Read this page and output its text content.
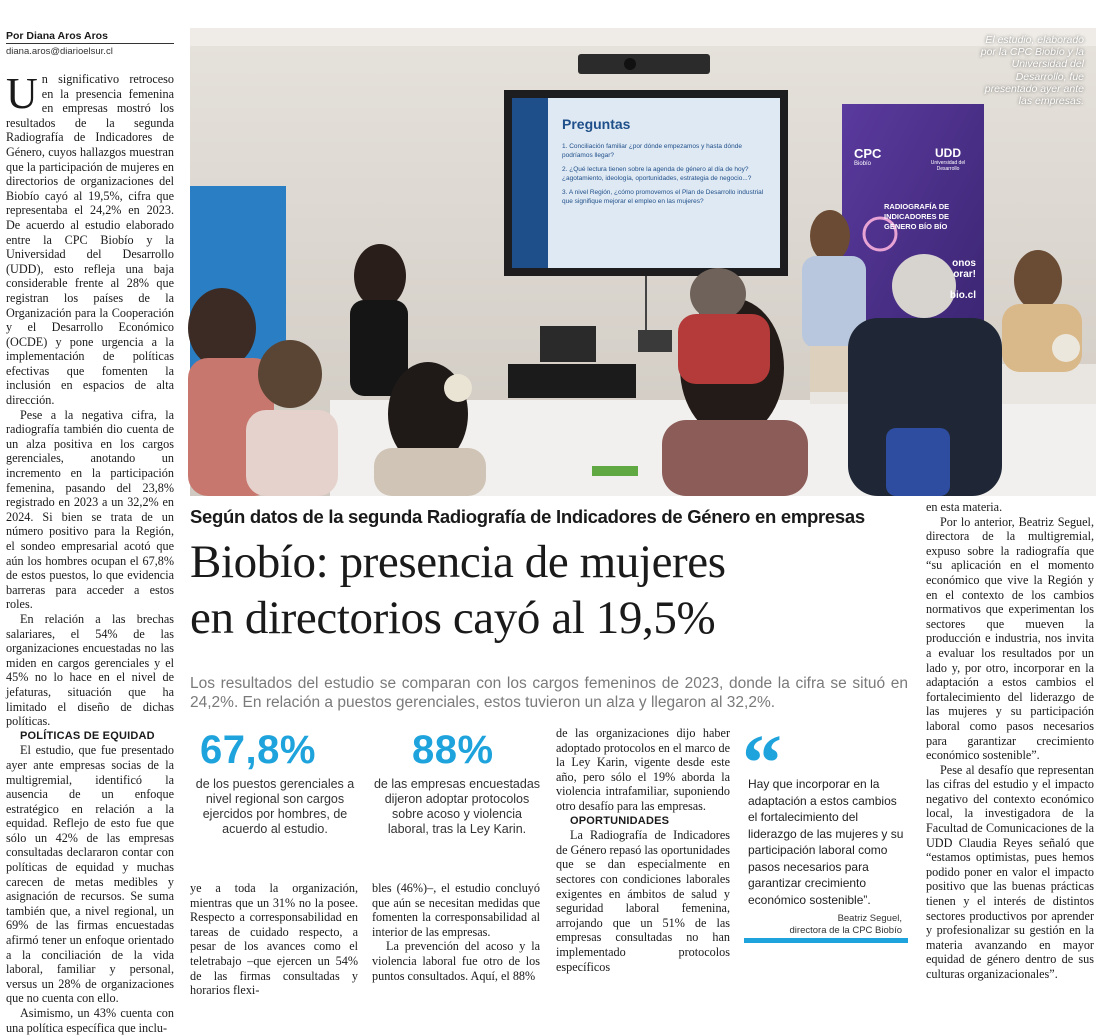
Por Diana Aros Aros
diana.aros@diarioelsur.cl

Un significativo retroceso en la presencia femenina en empresas mostró los resultados de la segunda Radiografía de Indicadores de Género, cuyos hallazgos muestran que la participación de mujeres en directorios de organizaciones del Biobío cayó al 19,5%, cifra que representaba el 24,2% en 2023. De acuerdo al estudio elaborado entre la CPC Biobío y la Universidad del Desarrollo (UDD), esto refleja una baja considerable frente al 28% que registran los países de la Organización para la Cooperación y el Desarrollo Económico (OCDE) y pone urgencia a la implementación de políticas efectivas que fomenten la inclusión en espacios de alta dirección.

Pese a la negativa cifra, la radiografía también dio cuenta de un alza positiva en los cargos gerenciales, anotando un incremento en la participación femenina, pasando del 23,8% registrado en 2023 a un 32,2% en 2024. Si bien se trata de un número positivo para la Región, el sondeo empresarial acotó que aún los hombres ocupan el 67,8% de estos puestos, lo que evidencia barreras para acceder a estos roles.

En relación a las brechas salariares, el 54% de las organizaciones encuestadas no las miden en cargos gerenciales y el 45% no lo hace en el nivel de jefaturas, situación que ha limitado el diseño de dichas políticas.

POLÍTICAS DE EQUIDAD

El estudio, que fue presentado ayer ante empresas socias de la multigremial, identificó la ausencia de un enfoque estratégico en relación a la equidad. Reflejo de esto fue que sólo un 42% de las empresas consultadas declararon contar con políticas de equidad y muchas carecen de metas medibles y asignación de recursos. Se suma también que, a nivel regional, un 69% de las firmas encuestadas afirmó tener un enfoque orientado a la conciliación de la vida laboral, familiar y personal, versus un 28% de organizaciones que no cuenta con ello.

Asimismo, un 43% cuenta con una política específica que inclu-

Preguntas
1. Conciliación familiar ¿por dónde empezamos y hasta dónde podríamos llegar?
2. ¿Qué lectura tienen sobre la agenda de género al día de hoy? ¿agotamiento, ideología, oportunidades, estrategia de negocio...?
3. A nivel Región, ¿cómo promovemos el Plan de Desarrollo industrial que signifique mejorar el empleo en las mujeres?
CPC
Biobío
UDD
Universidad del Desarrollo
RADIOGRAFÍA DE INDICADORES DE GÉNERO BÍO BÍO
onos
orar!
bio.cl
El estudio, elaborado por la CPC Biobío y la Universidad del Desarrollo, fue presentado ayer ante las empresas.
Según datos de la segunda Radiografía de Indicadores de Género en empresas
Biobío: presencia de mujeres
en directorios cayó al 19,5%
Los resultados del estudio se comparan con los cargos femeninos de 2023, donde la cifra se situó en 24,2%. En relación a puestos gerenciales, estos tuvieron un alza y llegaron al 32,2%.
67,8%
de los puestos gerenciales a nivel regional son cargos ejercidos por hombres, de acuerdo al estudio.
88%
de las empresas encuestadas dijeron adoptar protocolos sobre acoso y violencia laboral, tras la Ley Karin.

ye a toda la organización, mientras que un 31% no la posee. Respecto a corresponsabilidad en tareas de cuidado respecto, a pesar de los avances como el teletrabajo –que ejercen un 54% de las firmas consultadas y horarios flexi-

bles (46%)–, el estudio concluyó que aún se necesitan medidas que fomenten la corresponsabilidad al interior de las empresas.

La prevención del acoso y la violencia laboral fue otro de los puntos consultados. Aquí, el 88%

de las organizaciones dijo haber adoptado protocolos en el marco de la Ley Karin, vigente desde este año, pero sólo el 19% aborda la violencia intrafamiliar, suponiendo otro desafío para las empresas.

OPORTUNIDADES

La Radiografía de Indicadores de Género repasó las oportunidades que se dan especialmente en sectores con condiciones laborales exigentes en ámbitos de salud y seguridad laboral femenina, arrojando que un 51% de las empresas consultadas no han implementado protocolos específicos

“
Hay que incorporar en la adaptación a estos cambios el fortalecimiento del liderazgo de las mujeres y su participación laboral como pasos necesarios para garantizar crecimiento económico sostenible”.
Beatriz Seguel,
directora de la CPC Biobío

en esta materia.

Por lo anterior, Beatriz Seguel, directora de la multigremial, expuso sobre la radiografía que “su aplicación en el momento económico que vive la Región y en el contexto de los cambios normativos que experimentan los sectores que mueven la producción e industria, nos invita a evaluar los resultados por un lado y, por otro, incorporar en la adaptación a estos cambios el fortalecimiento del liderazgo de las mujeres y su participación laboral como pasos necesarios para garantizar crecimiento económico sostenible”.

Pese al desafío que representan las cifras del estudio y el impacto negativo del contexto económico local, la investigadora de la Facultad de Comunicaciones de la UDD Claudia Reyes señaló que “estamos optimistas, pues hemos podido poner en valor el impacto positivo que las buenas prácticas tienen y el interés de distintos sectores productivos por aprender y profesionalizar su gestión en la materia avanzando en mayor equidad de género dentro de sus culturas organizacionales”.
